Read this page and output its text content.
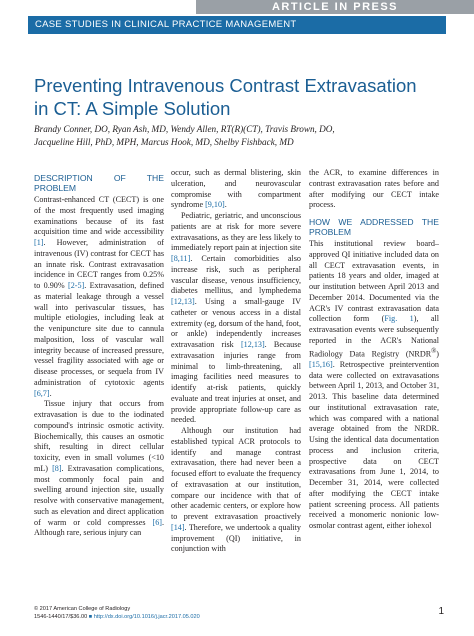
ARTICLE IN PRESS
CASE STUDIES IN CLINICAL PRACTICE MANAGEMENT
Preventing Intravenous Contrast Extravasation in CT: A Simple Solution
Brandy Conner, DO, Ryan Ash, MD, Wendy Allen, RT(R)(CT), Travis Brown, DO,
Jacqueline Hill, PhD, MPH, Marcus Hook, MD, Shelby Fishback, MD
DESCRIPTION OF THE PROBLEM

Contrast-enhanced CT (CECT) is one of the most frequently used imaging examinations because of its fast acquisition time and wide accessibility [1]. However, administration of intravenous (IV) contrast for CECT has an innate risk. Contrast extravasation incidence in CECT ranges from 0.25% to 0.90% [2-5]. Extravasation, defined as material leakage through a vessel wall into perivascular tissues, has multiple etiologies, including leak at the venipuncture site due to cannula malposition, loss of vascular wall integrity because of increased pressure, vessel fragility associated with age or disease processes, or sequela from IV administration of cytotoxic agents [6,7].

Tissue injury that occurs from extravasation is due to the iodinated compound's intrinsic osmotic activity. Biochemically, this causes an osmotic shift, resulting in direct cellular toxicity, even in small volumes (<10 mL) [8]. Extravasation complications, most commonly focal pain and swelling around injection site, usually resolve with conservative management, such as elevation and direct application of warm or cold compresses [6]. Although rare, serious injury can

occur, such as dermal blistering, skin ulceration, and neurovascular compromise with compartment syndrome [9,10].

Pediatric, geriatric, and unconscious patients are at risk for more severe extravasations, as they are less likely to immediately report pain at injection site [8,11]. Certain comorbidities also increase risk, such as peripheral vascular disease, venous insufficiency, diabetes mellitus, and lymphedema [12,13]. Using a small-gauge IV catheter or venous access in a distal extremity (eg, dorsum of the hand, foot, or ankle) independently increases extravasation risk [12,13]. Because extravasation injuries range from minimal to limb-threatening, all imaging facilities need measures to identify at-risk patients, quickly evaluate and treat injuries at onset, and provide appropriate follow-up care as needed.

Although our institution had established typical ACR protocols to identify and manage contrast extravasation, there had never been a focused effort to evaluate the frequency of extravasation at our institution, compare our incidence with that of other academic centers, or explore how to prevent extravasation proactively [14]. Therefore, we undertook a quality improvement (QI) initiative, in conjunction with

the ACR, to examine differences in contrast extravasation rates before and after modifying our CECT intake process.

HOW WE ADDRESSED THE PROBLEM

This institutional review board–approved QI initiative included data on all CECT extravasation events, in patients 18 years and older, imaged at our institution between April 2013 and December 2014. Documented via the ACR's IV contrast extravasation data collection form (Fig. 1), all extravasation events were subsequently reported in the ACR's National Radiology Data Registry (NRDR®) [15,16]. Retrospective preintervention data were collected on extravasations between April 1, 2013, and October 31, 2013. This baseline data determined our institutional extravasation rate, which was compared with a national average obtained from the NRDR. Using the identical data documentation process and inclusion criteria, prospective data on CECT extravasations from June 1, 2014, to December 31, 2014, were collected after modifying the CECT intake patient screening process. All patients received a monomeric nonionic low-osmolar contrast agent, either iohexol

© 2017 American College of Radiology
1546-1440/17/$36.00 ■ http://dx.doi.org/10.1016/j.jacr.2017.05.020	1
